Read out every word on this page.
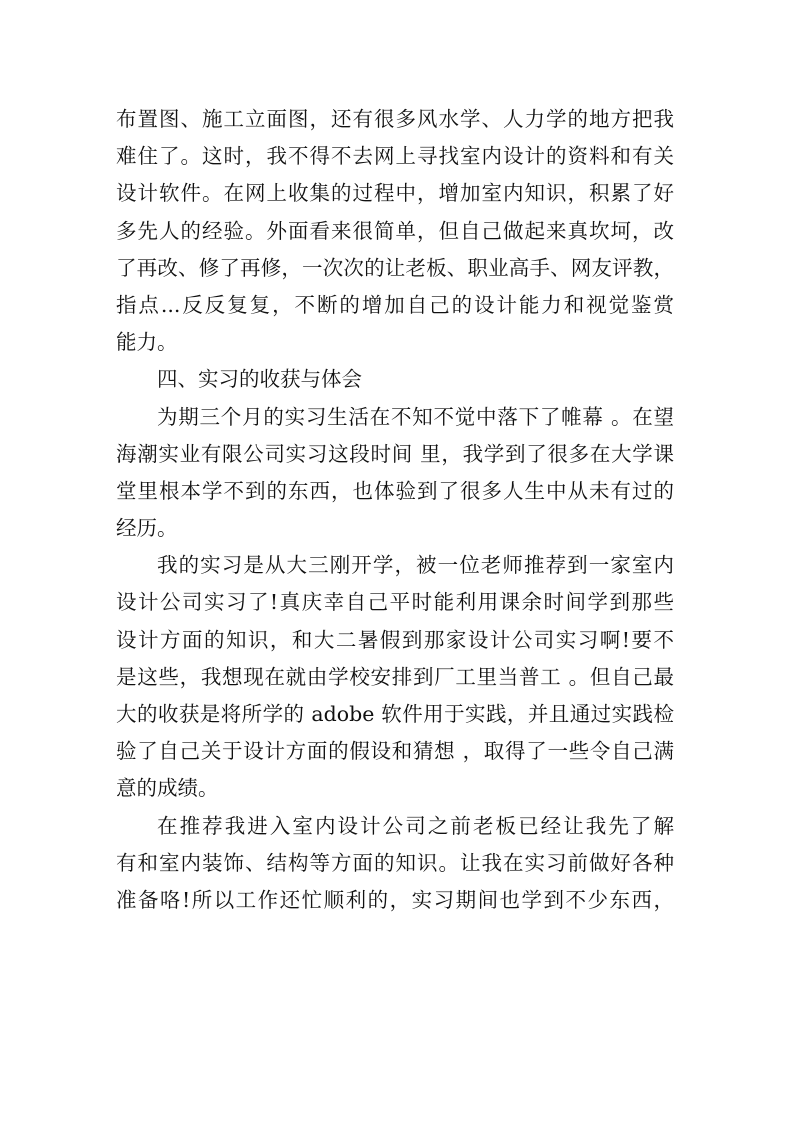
布置图、施工立面图，还有很多风水学、人力学的地方把我
难住了。这时，我不得不去网上寻找室内设计的资料和有关
设计软件。在网上收集的过程中，增加室内知识，积累了好
多先人的经验。外面看来很简单，但自己做起来真坎坷，改
了再改、修了再修，一次次的让老板、职业高手、网友评教，
指点...反反复复，不断的增加自己的设计能力和视觉鉴赏
能力。
四、实习的收获与体会
为期三个月的实习生活在不知不觉中落下了帷幕 。在望
海潮实业有限公司实习这段时间 里，我学到了很多在大学课
堂里根本学不到的东西，也体验到了很多人生中从未有过的
经历。
我的实习是从大三刚开学，被一位老师推荐到一家室内
设计公司实习了!真庆幸自己平时能利用课余时间学到那些
设计方面的知识，和大二暑假到那家设计公司实习啊!要不
是这些，我想现在就由学校安排到厂工里当普工 。但自己最
大的收获是将所学的 adobe 软件用于实践，并且通过实践检
验了自己关于设计方面的假设和猜想 ，取得了一些令自己满
意的成绩。
在推荐我进入室内设计公司之前老板已经让我先了解
有和室内装饰、结构等方面的知识。让我在实习前做好各种
准备咯!所以工作还忙顺利的，实习期间也学到不少东西，
